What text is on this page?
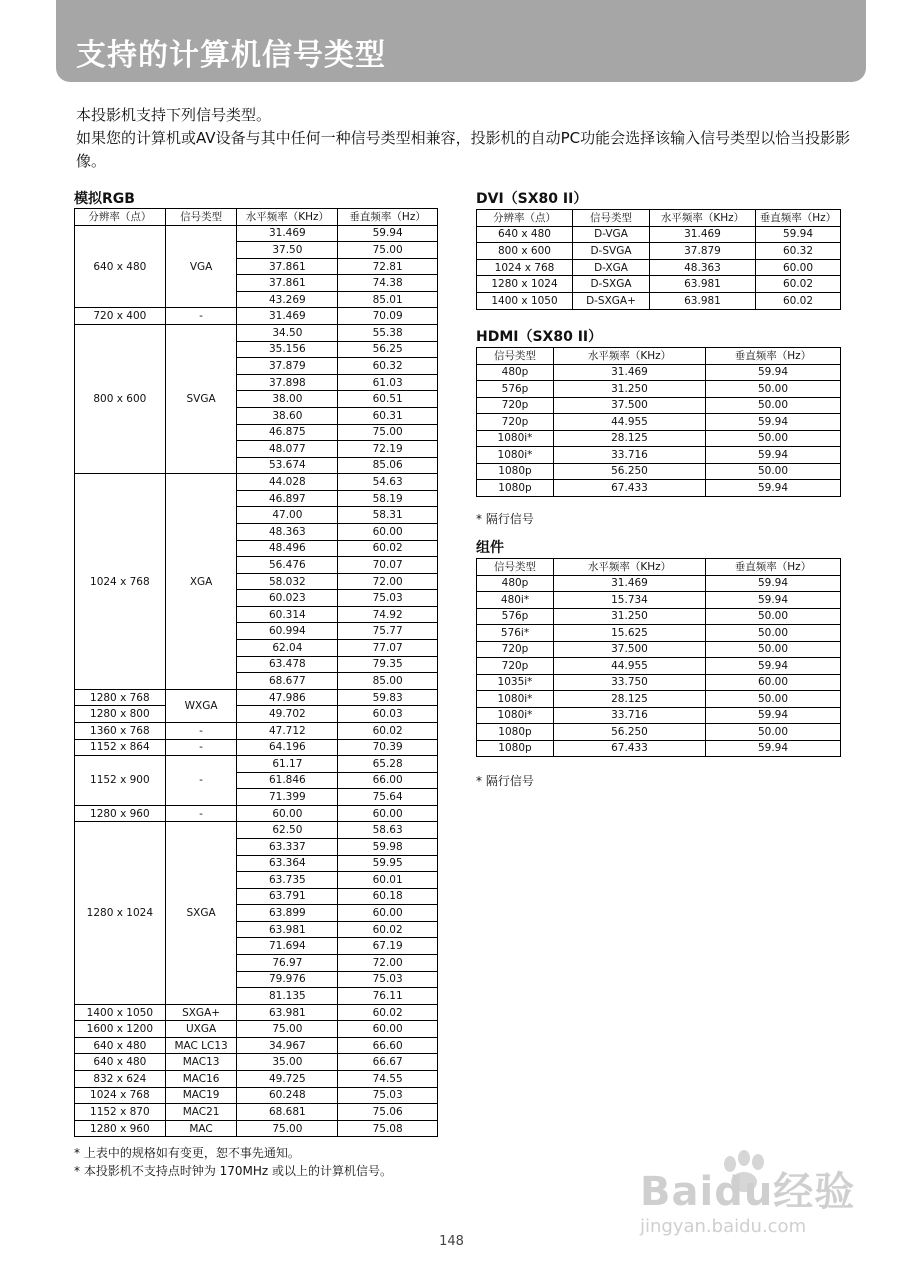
支持的计算机信号类型

本投影机支持下列信号类型。

如果您的计算机或AV设备与其中任何一种信号类型相兼容，投影机的自动PC功能会选择该输入信号类型以恰当投影影像。

模拟RGB
分辨率（点）	信号类型	水平频率（KHz）	垂直频率（Hz）
640 x 480	VGA	31.469	59.94
		37.50	75.00
		37.861	72.81
		37.861	74.38
		43.269	85.01
720 x 400	-	31.469	70.09
800 x 600	SVGA	34.50	55.38
		35.156	56.25
		37.879	60.32
		37.898	61.03
		38.00	60.51
		38.60	60.31
		46.875	75.00
		48.077	72.19
		53.674	85.06
1024 x 768	XGA	44.028	54.63
		46.897	58.19
		47.00	58.31
		48.363	60.00
		48.496	60.02
		56.476	70.07
		58.032	72.00
		60.023	75.03
		60.314	74.92
		60.994	75.77
		62.04	77.07
		63.478	79.35
		68.677	85.00
1280 x 768	WXGA	47.986	59.83
1280 x 800		49.702	60.03
1360 x 768	-	47.712	60.02
1152 x 864	-	64.196	70.39
1152 x 900	-	61.17	65.28
		61.846	66.00
		71.399	75.64
1280 x 960	-	60.00	60.00
1280 x 1024	SXGA	62.50	58.63
		63.337	59.98
		63.364	59.95
		63.735	60.01
		63.791	60.18
		63.899	60.00
		63.981	60.02
		71.694	67.19
		76.97	72.00
		79.976	75.03
		81.135	76.11
1400 x 1050	SXGA+	63.981	60.02
1600 x 1200	UXGA	75.00	60.00
640 x 480	MAC LC13	34.967	66.60
640 x 480	MAC13	35.00	66.67
832 x 624	MAC16	49.725	74.55
1024 x 768	MAC19	60.248	75.03
1152 x 870	MAC21	68.681	75.06
1280 x 960	MAC	75.00	75.08

* 上表中的规格如有变更，恕不事先通知。

* 本投影机不支持点时钟为 170MHz 或以上的计算机信号。

DVI（SX80 II）
分辨率（点）	信号类型	水平频率（KHz）	垂直频率（Hz）
640 x 480	D-VGA	31.469	59.94
800 x 600	D-SVGA	37.879	60.32
1024 x 768	D-XGA	48.363	60.00
1280 x 1024	D-SXGA	63.981	60.02
1400 x 1050	D-SXGA+	63.981	60.02
HDMI（SX80 II）
信号类型	水平频率（KHz）	垂直频率（Hz）
480p	31.469	59.94
576p	31.250	50.00
720p	37.500	50.00
720p	44.955	59.94
1080i*	28.125	50.00
1080i*	33.716	59.94
1080p	56.250	50.00
1080p	67.433	59.94
* 隔行信号
组件
信号类型	水平频率（KHz）	垂直频率（Hz）
480p	31.469	59.94
480i*	15.734	59.94
576p	31.250	50.00
576i*	15.625	50.00
720p	37.500	50.00
720p	44.955	59.94
1035i*	33.750	60.00
1080i*	28.125	50.00
1080i*	33.716	59.94
1080p	56.250	50.00
1080p	67.433	59.94
* 隔行信号
148
Baidu经验
jingyan.baidu.com
